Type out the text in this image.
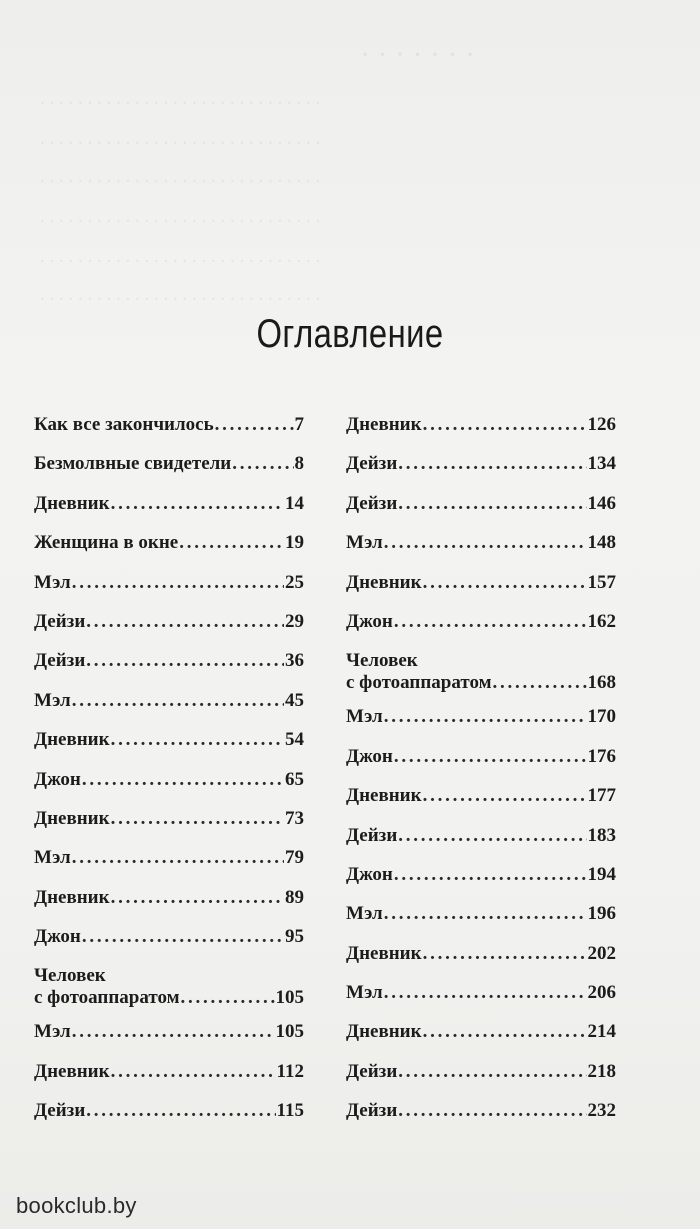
· · · · · · ·
. . . . . . . . . . . . . . . . . . . . . . . . . . . . . .
. . . . . . . . . . . . . . . . . . . . . . . . . . . . . .
. . . . . . . . . . . . . . . . . . . . . . . . . . . . . .
. . . . . . . . . . . . . . . . . . . . . . . . . . . . . .
. . . . . . . . . . . . . . . . . . . . . . . . . . . . . .
. . . . . . . . . . . . . . . . . . . . . . . . . . . . . .
Оглавление
Как все закончилось . . .	7
Безмолвные свидетели . . .	8
Дневник . . .	14
Женщина в окне . . .	19
Мэл . . .	25
Дейзи . . .	29
Дейзи . . .	36
Мэл . . .	45
Дневник . . .	54
Джон . . .	65
Дневник . . .	73
Мэл . . .	79
Дневник . . .	89
Джон . . .	95
Человек
с фотоаппаратом . . .	105
Мэл . . .	105
Дневник . . .	112
Дейзи . . .	115
Дневник . . .	126
Дейзи . . .	134
Дейзи . . .	146
Мэл . . .	148
Дневник . . .	157
Джон . . .	162
Человек
с фотоаппаратом . . .	168
Мэл . . .	170
Джон . . .	176
Дневник . . .	177
Дейзи . . .	183
Джон . . .	194
Мэл . . .	196
Дневник . . .	202
Мэл . . .	206
Дневник . . .	214
Дейзи . . .	218
Дейзи . . .	232
bookclub.by
